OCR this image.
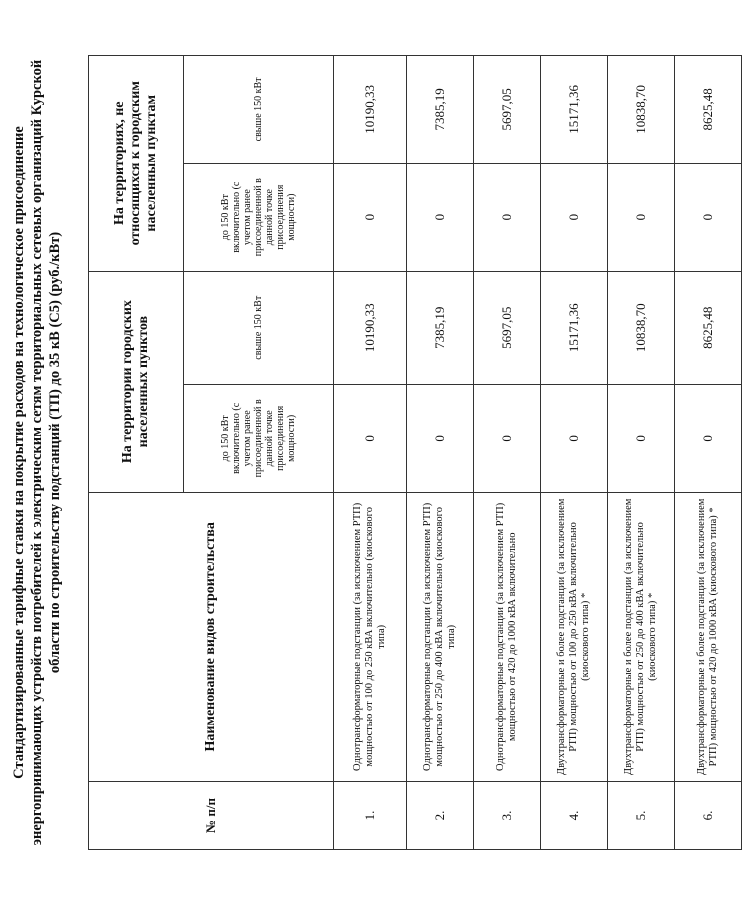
Стандартизированные тарифные ставки на покрытие расходов на технологическое присоединение энергопринимающих устройств потребителей к электрическим сетям территориальных сетевых организаций Курской области по строительству подстанций (ТП) до 35 кВ (С5) (руб./кВт)
№ п/п	Наименование видов строительства	На территории городских населенных пунктов		На территориях, не относящихся к городским населенным пунктам	
		до 150 кВт включительно (с учетом ранее присоединенной в данной точке присоединения мощности)	свыше 150 кВт	до 150 кВт включительно (с учетом ранее присоединенной в данной точке присоединения мощности)	свыше 150 кВт
1.	Однотрансформаторные подстанции (за исключением РТП) мощностью от 100 до 250 кВА включительно (киоскового типа)	0	10190,33	0	10190,33
2.	Однотрансформаторные подстанции (за исключением РТП) мощностью от 250 до 400 кВА включительно (киоскового типа)	0	7385,19	0	7385,19
3.	Однотрансформаторные подстанции (за исключением РТП) мощностью от 420 до 1000 кВА включительно	0	5697,05	0	5697,05
4.	Двухтрансформаторные и более подстанции (за исключением РТП) мощностью от 100 до 250 кВА включительно (киоскового типа) *	0	15171,36	0	15171,36
5.	Двухтрансформаторные и более подстанции (за исключением РТП) мощностью от 250 до 400 кВА включительно (киоскового типа) *	0	10838,70	0	10838,70
6.	Двухтрансформаторные и более подстанции (за исключением РТП) мощностью от 420 до 1000 кВА (киоскового типа) *	0	8625,48	0	8625,48
